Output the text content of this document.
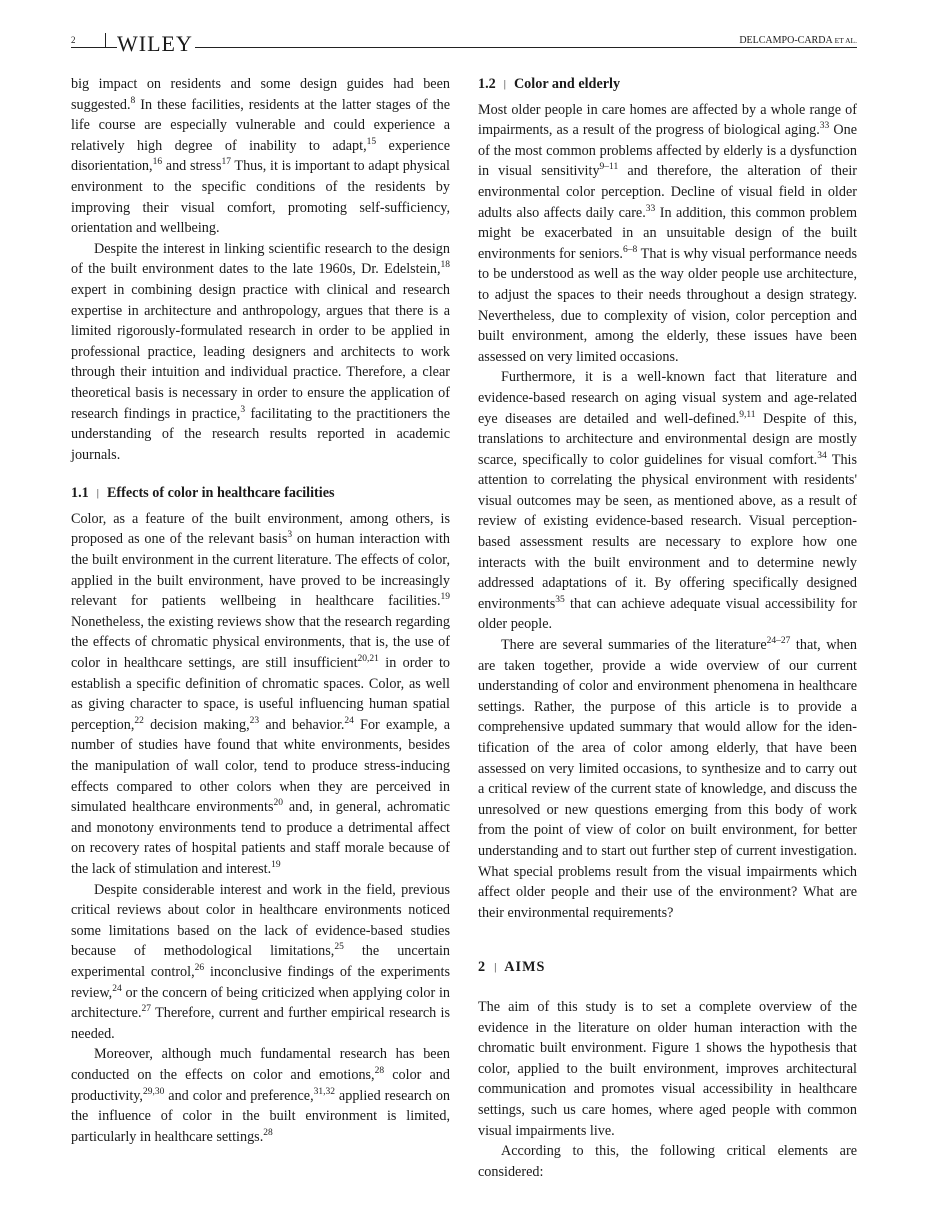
2 WILEY	DELCAMPO-CARDA ET AL.

big impact on residents and some design guides had been suggested.$^8$ In these facilities, residents at the latter stages of the life course are especially vulnerable and could experience a relatively high degree of inability to adapt,$^{15}$ experience disorientation,$^{16}$ and stress$^{17}$ Thus, it is important to adapt physical environment to the specific conditions of the residents by improving their visual comfort, promoting self-sufficiency, orientation and wellbeing.

Despite the interest in linking scientific research to the design of the built environment dates to the late 1960s, Dr. Edelstein,$^{18}$ expert in combining design practice with clinical and research expertise in architecture and anthropology, argues that there is a limited rigorously-formulated research in order to be applied in professional practice, leading designers and architects to work through their intuition and individual practice. Therefore, a clear theoretical basis is necessary in order to ensure the application of research findings in practice,$^3$ facilitating to the practitioners the understanding of the research results reported in academic journals.

1.1 | Effects of color in healthcare facilities

Color, as a feature of the built environment, among others, is proposed as one of the relevant basis$^3$ on human interaction with the built environment in the current literature. The effects of color, applied in the built environment, have proved to be increasingly relevant for patients wellbeing in healthcare facilities.$^{19}$ Nonetheless, the existing reviews show that the research regarding the effects of chromatic physical environments, that is, the use of color in healthcare settings, are still insufficient$^{20,21}$ in order to establish a specific definition of chromatic spaces. Color, as well as giving character to space, is useful influencing human spatial perception,$^{22}$ decision making,$^{23}$ and behavior.$^{24}$ For example, a number of studies have found that white environments, besides the manipulation of wall color, tend to produce stress-inducing effects compared to other colors when they are perceived in simulated healthcare environments$^{20}$ and, in general, achromatic and monotony environments tend to produce a detrimental affect on recovery rates of hospital patients and staff morale because of the lack of stimulation and interest.$^{19}$

Despite considerable interest and work in the field, previous critical reviews about color in healthcare environments noticed some limitations based on the lack of evidence-based studies because of methodological limitations,$^{25}$ the uncertain experimental control,$^{26}$ inconclusive findings of the experiments review,$^{24}$ or the concern of being criticized when applying color in architecture.$^{27}$ Therefore, current and further empirical research is needed.

Moreover, although much fundamental research has been conducted on the effects on color and emotions,$^{28}$ color and productivity,$^{29,30}$ and color and preference,$^{31,32}$ applied research on the influence of color in the built environment is limited, particularly in healthcare settings.$^{28}$

1.2 | Color and elderly

Most older people in care homes are affected by a whole range of impairments, as a result of the progress of biological aging.$^{33}$ One of the most common problems affected by elderly is a dysfunction in visual sensitivity$^{9-11}$ and therefore, the alteration of their environmental color perception. Decline of visual field in older adults also affects daily care.$^{33}$ In addition, this common problem might be exacerbated in an unsuitable design of the built environments for seniors.$^{6-8}$ That is why visual performance needs to be understood as well as the way older people use architecture, to adjust the spaces to their needs throughout a design strategy. Nevertheless, due to complexity of vision, color perception and built environment, among the elderly, these issues have been assessed on very limited occasions.

Furthermore, it is a well-known fact that literature and evidence-based research on aging visual system and age-related eye diseases are detailed and well-defined.$^{9,11}$ Despite of this, translations to architecture and environmental design are mostly scarce, specifically to color guidelines for visual comfort.$^{34}$ This attention to correlating the physical environment with residents' visual outcomes may be seen, as mentioned above, as a result of review of existing evidence-based research. Visual perception-based assessment results are necessary to explore how one interacts with the built environment and to determine newly addressed adaptations of it. By offering specifically designed environments$^{35}$ that can achieve adequate visual accessibility for older people.

There are several summaries of the literature$^{24-27}$ that, when are taken together, provide a wide overview of our current understanding of color and environment phenomena in healthcare settings. Rather, the purpose of this article is to provide a comprehensive updated summary that would allow for the identification of the area of color among elderly, that have been assessed on very limited occasions, to synthesize and to carry out a critical review of the current state of knowledge, and discuss the unresolved or new questions emerging from this body of work from the point of view of color on built environment, for better understanding and to start out further step of current investigation. What special problems result from the visual impairments which affect older people and their use of the environment? What are their environmental requirements?

2 | AIMS

The aim of this study is to set a complete overview of the evidence in the literature on older human interaction with the chromatic built environment. Figure 1 shows the hypothesis that color, applied to the built environment, improves architectural communication and promotes visual accessibility in healthcare settings, such us care homes, where aged people with common visual impairments live.

According to this, the following critical elements are considered:
